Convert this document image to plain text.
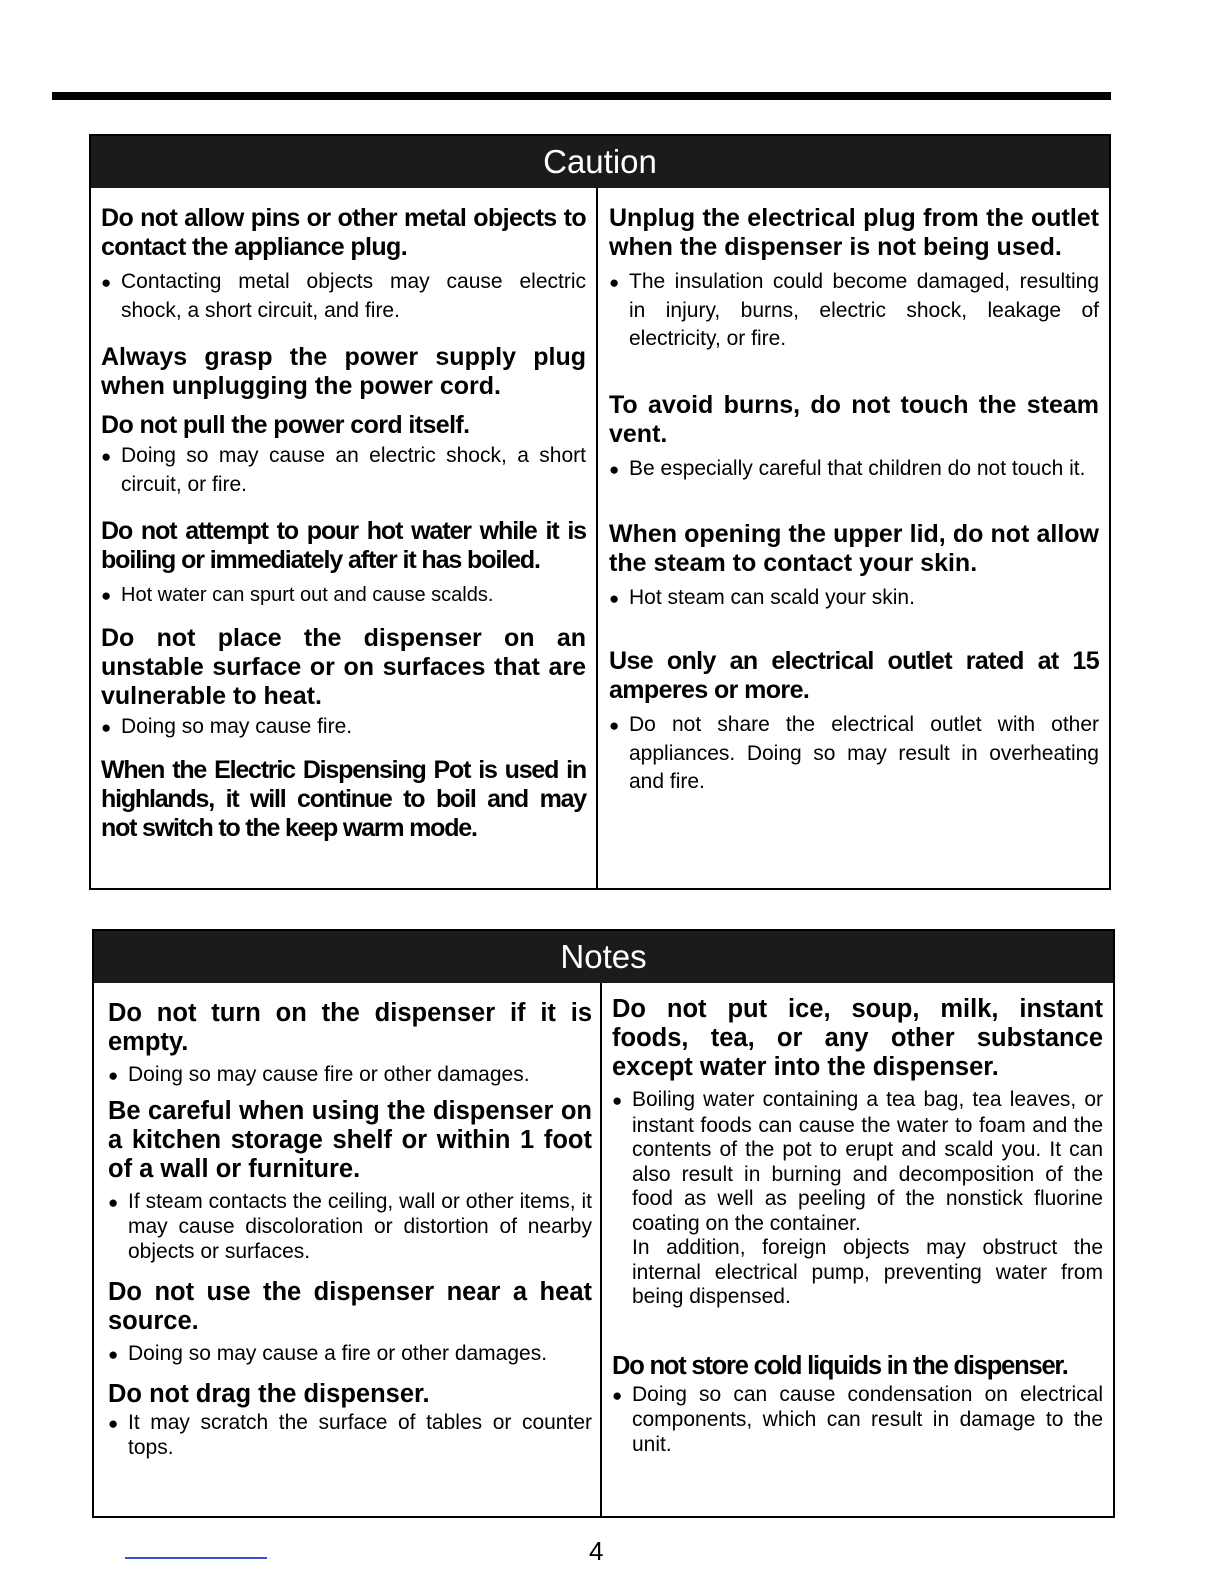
Caution

Do not allow pins or other metal objects to contact the appliance plug.

● Contacting metal objects may cause electric shock, a short circuit, and fire.

Always grasp the power supply plug when unplugging the power cord.

Do not pull the power cord itself.

● Doing so may cause an electric shock, a short circuit, or fire.

Do not attempt to pour hot water while it is boiling or immediately after it has boiled.

● Hot water can spurt out and cause scalds.

Do not place the dispenser on an unstable surface or on surfaces that are vulnerable to heat.

● Doing so may cause fire.

When the Electric Dispensing Pot is used in highlands, it will continue to boil and may not switch to the keep warm mode.

Unplug the electrical plug from the outlet when the dispenser is not being used.

● The insulation could become damaged, resulting in injury, burns, electric shock, leakage of electricity, or fire.

To avoid burns, do not touch the steam vent.

● Be especially careful that children do not touch it.

When opening the upper lid, do not allow the steam to contact your skin.

● Hot steam can scald your skin.

Use only an electrical outlet rated at 15 amperes or more.

● Do not share the electrical outlet with other appliances. Doing so may result in overheating and fire.

Notes

Do not turn on the dispenser if it is empty.

● Doing so may cause fire or other damages.

Be careful when using the dispenser on a kitchen storage shelf or within 1 foot of a wall or furniture.

● If steam contacts the ceiling, wall or other items, it may cause discoloration or distortion of nearby objects or surfaces.

Do not use the dispenser near a heat source.

● Doing so may cause a fire or other damages.

Do not drag the dispenser.

● It may scratch the surface of tables or counter tops.

Do not put ice, soup, milk, instant foods, tea, or any other substance except water into the dispenser.

● Boiling water containing a tea bag, tea leaves, or instant foods can cause the water to foam and the contents of the pot to erupt and scald you. It can also result in burning and decomposition of the food as well as peeling of the nonstick fluorine coating on the container.

In addition, foreign objects may obstruct the internal electrical pump, preventing water from being dispensed.

Do not store cold liquids in the dispenser.

● Doing so can cause condensation on electrical components, which can result in damage to the unit.

4
